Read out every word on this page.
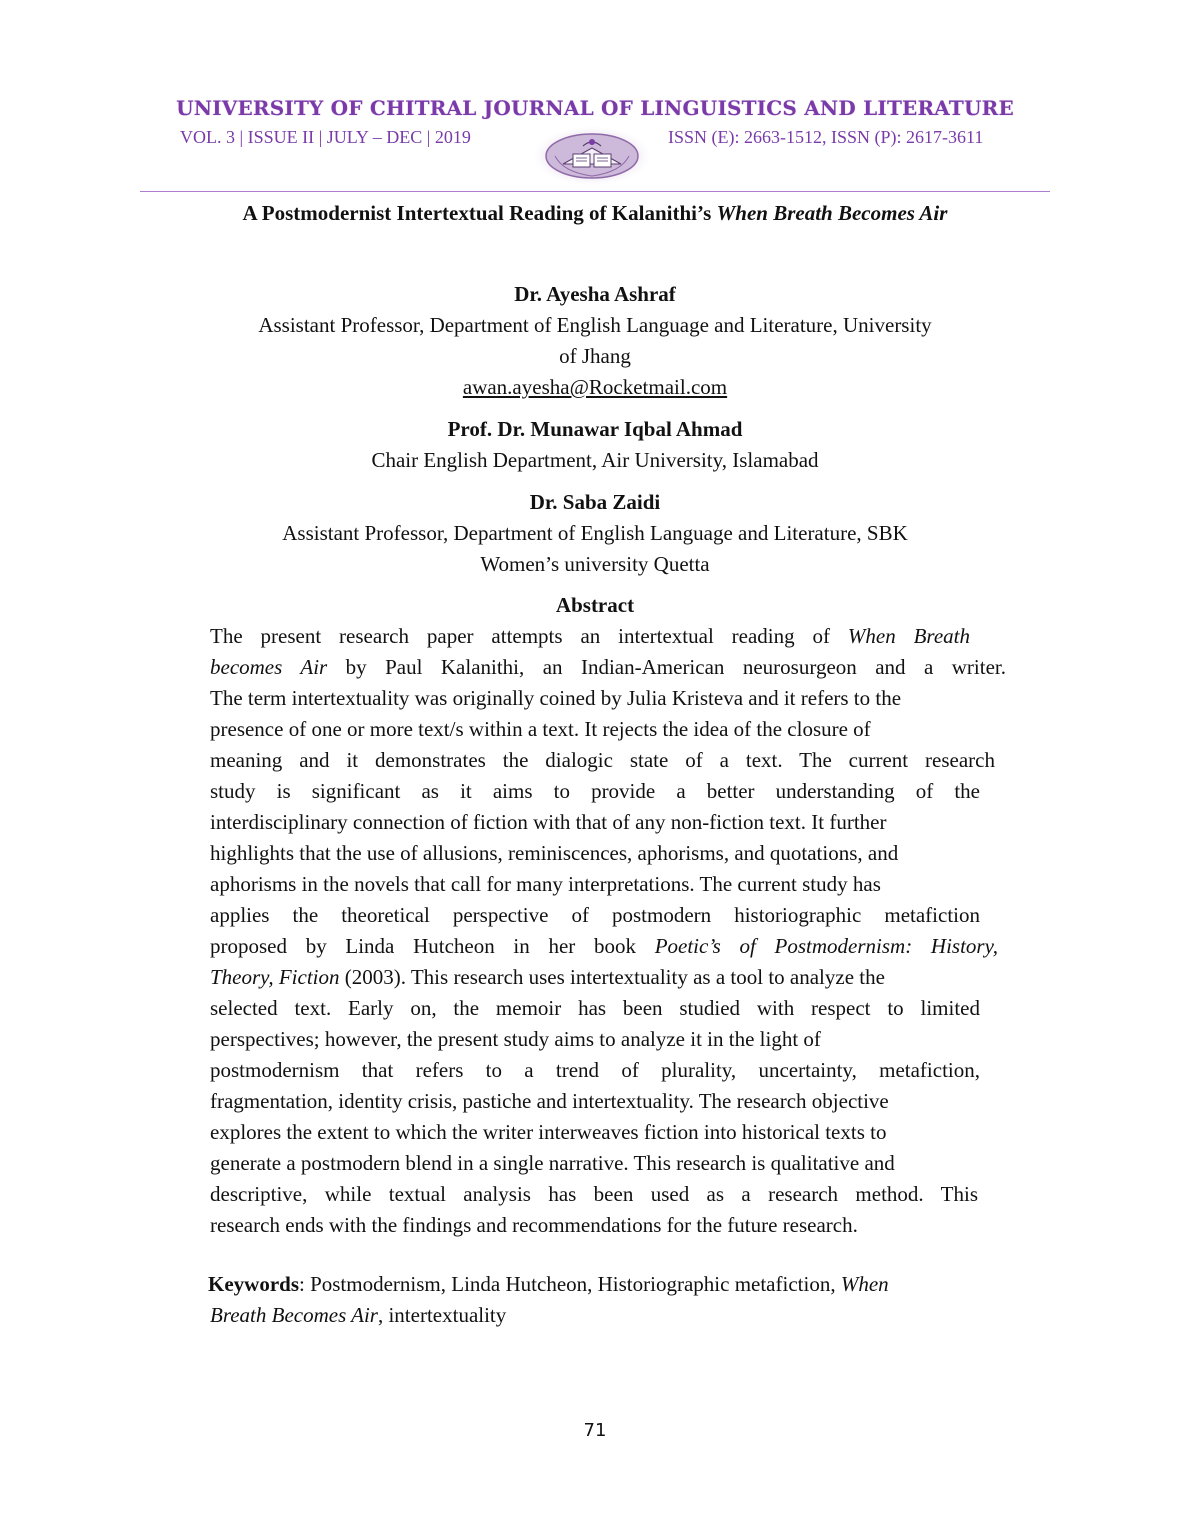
UNIVERSITY OF CHITRAL JOURNAL OF LINGUISTICS AND LITERATURE
VOL. 3 | ISSUE II | JULY – DEC | 2019	ISSN (E): 2663-1512, ISSN (P): 2617-3611
A Postmodernist Intertextual Reading of Kalanithi’s When Breath Becomes Air
Dr. Ayesha Ashraf
Assistant Professor, Department of English Language and Literature, University
of Jhang
awan.ayesha@Rocketmail.com
Prof. Dr. Munawar Iqbal Ahmad
Chair English Department, Air University, Islamabad
Dr. Saba Zaidi
Assistant Professor, Department of English Language and Literature, SBK
Women’s university Quetta
Abstract
The present research paper attempts an intertextual reading of When Breath
becomes Air by Paul Kalanithi, an Indian-American neurosurgeon and a writer.
The term intertextuality was originally coined by Julia Kristeva and it refers to the
presence of one or more text/s within a text. It rejects the idea of the closure of
meaning and it demonstrates the dialogic state of a text. The current research
study is significant as it aims to provide a better understanding of the
interdisciplinary connection of fiction with that of any non-fiction text. It further
highlights that the use of allusions, reminiscences, aphorisms, and quotations, and
aphorisms in the novels that call for many interpretations. The current study has
applies the theoretical perspective of postmodern historiographic metafiction
proposed by Linda Hutcheon in her book Poetic’s of Postmodernism: History,
Theory, Fiction (2003). This research uses intertextuality as a tool to analyze the
selected text. Early on, the memoir has been studied with respect to limited
perspectives; however, the present study aims to analyze it in the light of
postmodernism that refers to a trend of plurality, uncertainty, metafiction,
fragmentation, identity crisis, pastiche and intertextuality. The research objective
explores the extent to which the writer interweaves fiction into historical texts to
generate a postmodern blend in a single narrative. This research is qualitative and
descriptive, while textual analysis has been used as a research method. This
research ends with the findings and recommendations for the future research.
Keywords: Postmodernism, Linda Hutcheon, Historiographic metafiction, When
Breath Becomes Air, intertextuality
71
